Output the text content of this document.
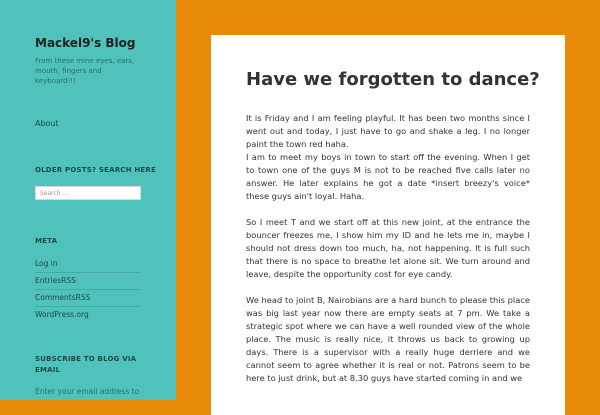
Mackel9's Blog
From these mine eyes, ears, mouth, fingers and keyboard!!!
About
OLDER POSTS? SEARCH HERE
Search …
META
Log in
EntriesRSS
CommentsRSS
WordPress.org
SUBSCRIBE TO BLOG VIA
EMAIL
Enter your email address to
Have we forgotten to dance?

It is Friday and I am feeling playful. It has been two months since I went out and today, I just have to go and shake a leg. I no longer paint the town red haha.
I am to meet my boys in town to start off the evening. When I get to town one of the guys M is not to be reached five calls later no answer. He later explains he got a date *insert breezy's voice* these guys ain't loyal. Haha.

So I meet T and we start off at this new joint, at the entrance the bouncer freezes me, I show him my ID and he lets me in, maybe I should not dress down too much, ha, not happening. It is full such that there is no space to breathe let alone sit. We turn around and leave, despite the opportunity cost for eye candy.

We head to joint B, Nairobians are a hard bunch to please this place was big last year now there are empty seats at 7 pm. We take a strategic spot where we can have a well rounded view of the whole place. The music is really nice, it throws us back to growing up days. There is a supervisor with a really huge derriere and we cannot seem to agree whether it is real or not. Patrons seem to be here to just drink, but at 8.30 guys have started coming in and we
